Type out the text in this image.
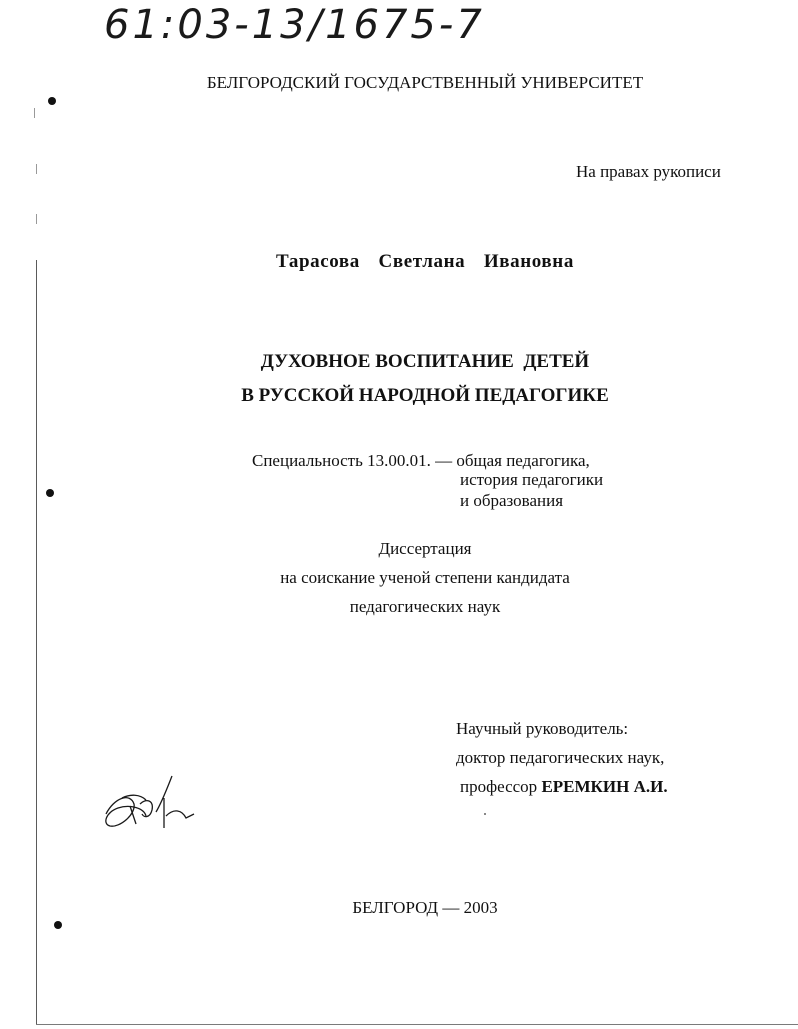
61:03-13/1675-7
БЕЛГОРОДСКИЙ ГОСУДАРСТВЕННЫЙ УНИВЕРСИТЕТ
На правах рукописи
Тарасова  Светлана  Ивановна
ДУХОВНОЕ ВОСПИТАНИЕ  ДЕТЕЙ
В РУССКОЙ НАРОДНОЙ ПЕДАГОГИКЕ
Специальность 13.00.01. — общая педагогика,
история педагогики
и образования
Диссертация
на соискание ученой степени кандидата
педагогических наук
Научный руководитель:
доктор педагогических наук,
профессор ЕРЕМКИН А.И.
БЕЛГОРОД — 2003
